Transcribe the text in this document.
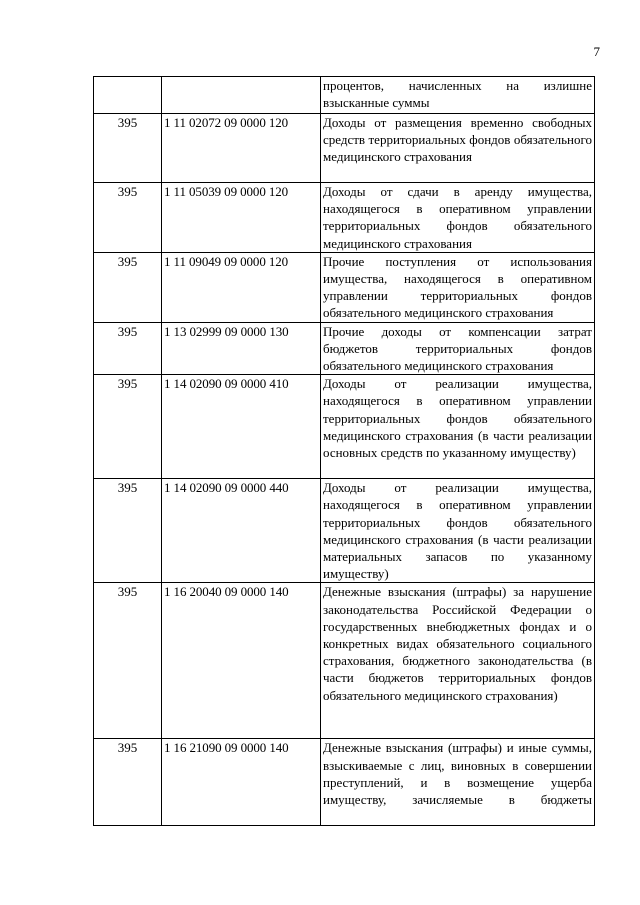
7
		процентов, начисленных на излишне взысканные суммы
395	1 11 02072 09 0000 120	Доходы от размещения временно свободных средств территориальных фондов обязательного медицинского страхования
395	1 11 05039 09 0000 120	Доходы от сдачи в аренду имущества, находящегося в оперативном управлении территориальных фондов обязательного медицинского страхования
395	1 11 09049 09 0000 120	Прочие поступления от использования имущества, находящегося в оперативном управлении территориальных фондов обязательного медицинского страхования
395	1 13 02999 09 0000 130	Прочие доходы от компенсации затрат бюджетов территориальных фондов обязательного медицинского страхования
395	1 14 02090 09 0000 410	Доходы от реализации имущества, находящегося в оперативном управлении территориальных фондов обязательного медицинского страхования (в части реализации основных средств по указанному имуществу)
395	1 14 02090 09 0000 440	Доходы от реализации имущества, находящегося в оперативном управлении территориальных фондов обязательного медицинского страхования (в части реализации материальных запасов по указанному имуществу)
395	1 16 20040 09 0000 140	Денежные взыскания (штрафы) за нарушение законодательства Российской Федерации о государственных внебюджетных фондах и о конкретных видах обязательного социального страхования, бюджетного законодательства (в части бюджетов территориальных фондов обязательного медицинского страхования)
395	1 16 21090 09 0000 140	Денежные взыскания (штрафы) и иные суммы, взыскиваемые с лиц, виновных в совершении преступлений, и в возмещение ущерба имуществу, зачисляемые в бюджеты
